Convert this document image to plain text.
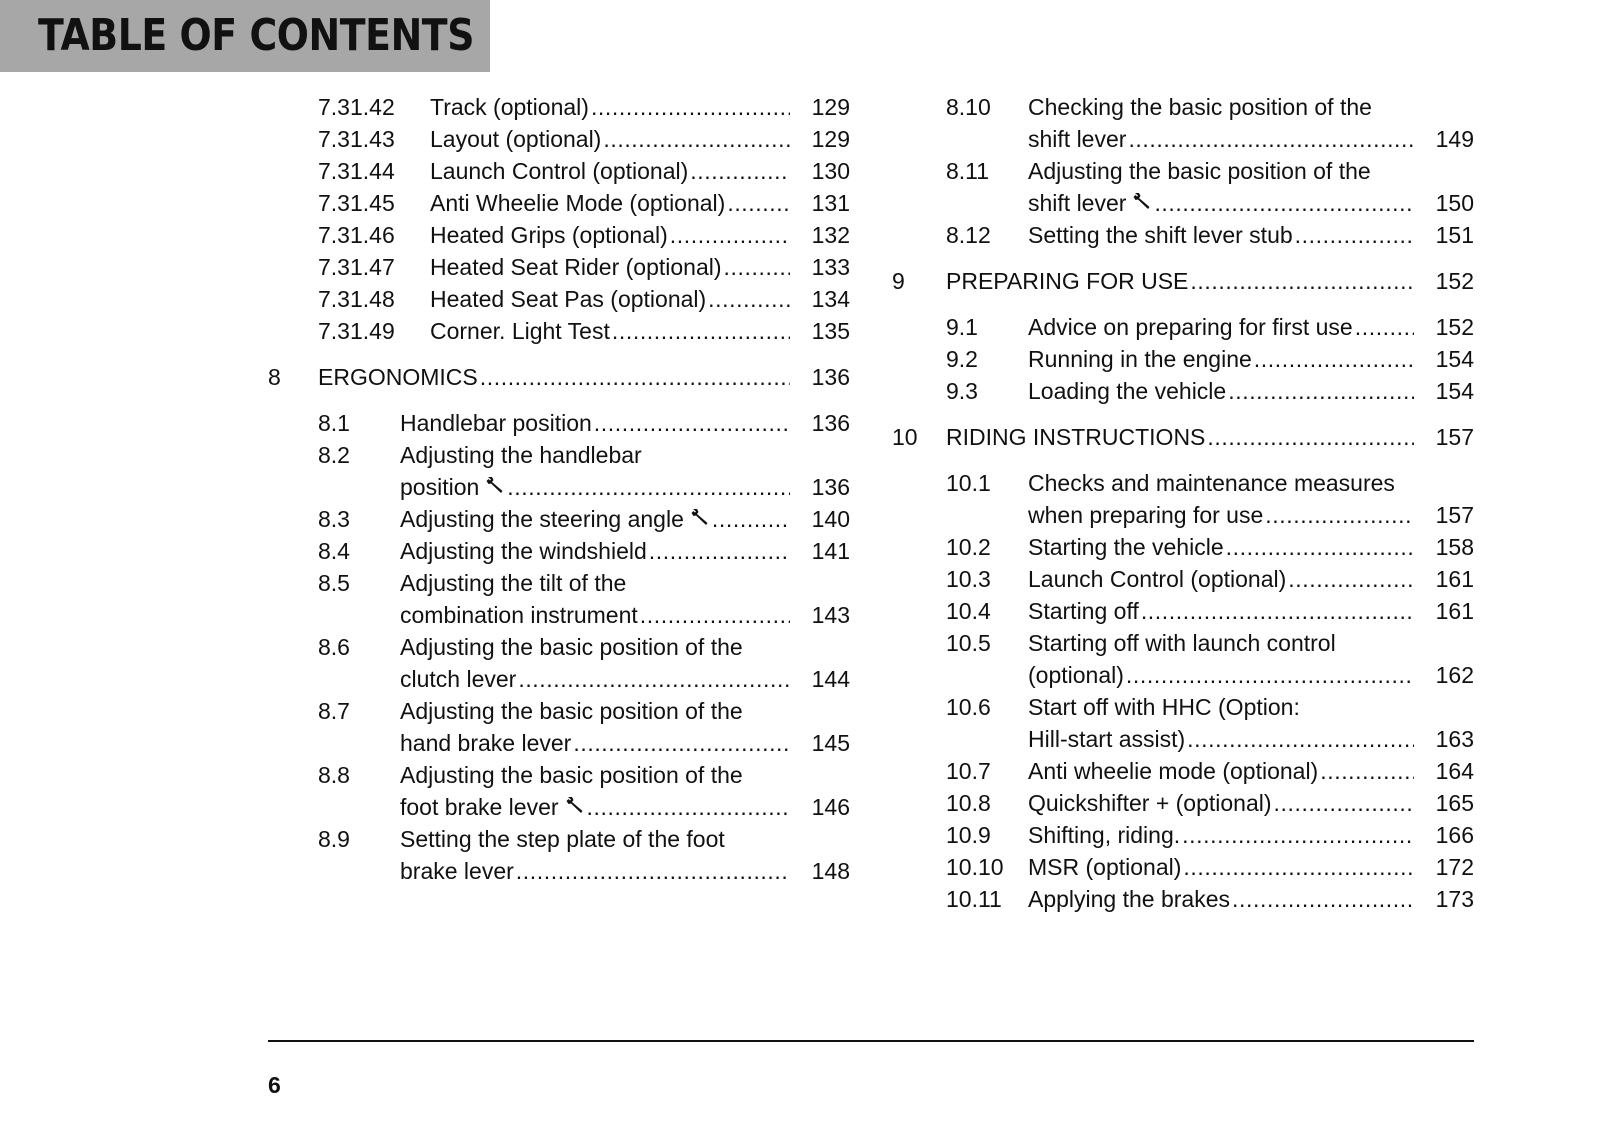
TABLE OF CONTENTS
7.31.42 Track (optional) .....	129
7.31.43 Layout (optional) .....	129
7.31.44 Launch Control (optional) .....	130
7.31.45 Anti Wheelie Mode (optional) .....	131
7.31.46 Heated Grips (optional) .....	132
7.31.47 Heated Seat Rider (optional) .....	133
7.31.48 Heated Seat Pas (optional) .....	134
7.31.49 Corner. Light Test .....	135
8 ERGONOMICS .....	136
8.1 Handlebar position .....	136
8.2 Adjusting the handlebar
position .....	136
8.3 Adjusting the steering angle .....	140
8.4 Adjusting the windshield .....	141
8.5 Adjusting the tilt of the
combination instrument .....	143
8.6 Adjusting the basic position of the
clutch lever .....	144
8.7 Adjusting the basic position of the
hand brake lever .....	145
8.8 Adjusting the basic position of the
foot brake lever .....	146
8.9 Setting the step plate of the foot
brake lever .....	148
8.10 Checking the basic position of the
shift lever .....	149
8.11 Adjusting the basic position of the
shift lever .....	150
8.12 Setting the shift lever stub .....	151
9 PREPARING FOR USE .....	152
9.1 Advice on preparing for first use .....	152
9.2 Running in the engine .....	154
9.3 Loading the vehicle .....	154
10 RIDING INSTRUCTIONS .....	157
10.1 Checks and maintenance measures
when preparing for use .....	157
10.2 Starting the vehicle .....	158
10.3 Launch Control (optional) .....	161
10.4 Starting off .....	161
10.5 Starting off with launch control
(optional) .....	162
10.6 Start off with HHC (Option:
Hill-start assist) .....	163
10.7 Anti wheelie mode (optional) .....	164
10.8 Quickshifter + (optional) .....	165
10.9 Shifting, riding. .....	166
10.10 MSR (optional) .....	172
10.11 Applying the brakes .....	173
6
